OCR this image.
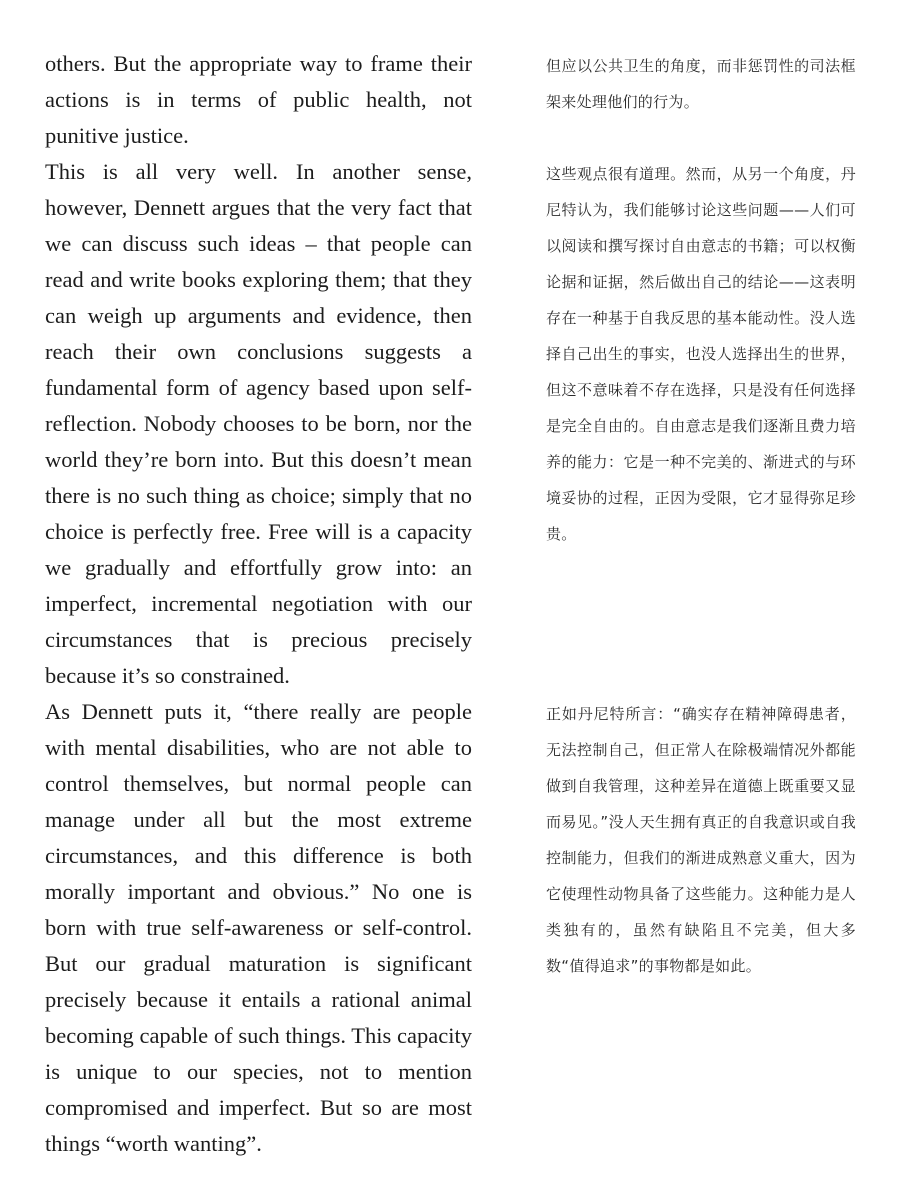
others. But the appropriate way to frame their actions is in terms of public health, not punitive justice.

This is all very well. In another sense, however, Dennett argues that the very fact that we can discuss such ideas – that people can read and write books exploring them; that they can weigh up arguments and evidence, then reach their own conclusions suggests a fundamental form of agency based upon self-reflection. Nobody chooses to be born, nor the world they’re born into. But this doesn’t mean there is no such thing as choice; simply that no choice is perfectly free. Free will is a capacity we gradually and effortfully grow into: an imperfect, incremental negotiation with our circumstances that is precious precisely because it’s so constrained.

As Dennett puts it, “there really are people with mental disabilities, who are not able to control themselves, but normal people can manage under all but the most extreme circumstances, and this difference is both morally important and obvious.” No one is born with true self-awareness or self-control. But our gradual maturation is significant precisely because it entails a rational animal becoming capable of such things. This capacity is unique to our species, not to mention compromised and imperfect. But so are most things “worth wanting”.

但应以公共卫生的角度，而非惩罚性的司法框架来处理他们的行为。

这些观点很有道理。然而，从另一个角度，丹尼特认为，我们能够讨论这些问题——人们可以阅读和撰写探讨自由意志的书籍；可以权衡论据和证据，然后做出自己的结论——这表明存在一种基于自我反思的基本能动性。没人选择自己出生的事实，也没人选择出生的世界，但这不意味着不存在选择，只是没有任何选择是完全自由的。自由意志是我们逐渐且费力培养的能力：它是一种不完美的、渐进式的与环境妥协的过程，正因为受限，它才显得弥足珍贵。

正如丹尼特所言：“确实存在精神障碍患者，无法控制自己，但正常人在除极端情况外都能做到自我管理，这种差异在道德上既重要又显而易见。”没人天生拥有真正的自我意识或自我控制能力，但我们的渐进成熟意义重大，因为它使理性动物具备了这些能力。这种能力是人类独有的，虽然有缺陷且不完美，但大多数“值得追求”的事物都是如此。
